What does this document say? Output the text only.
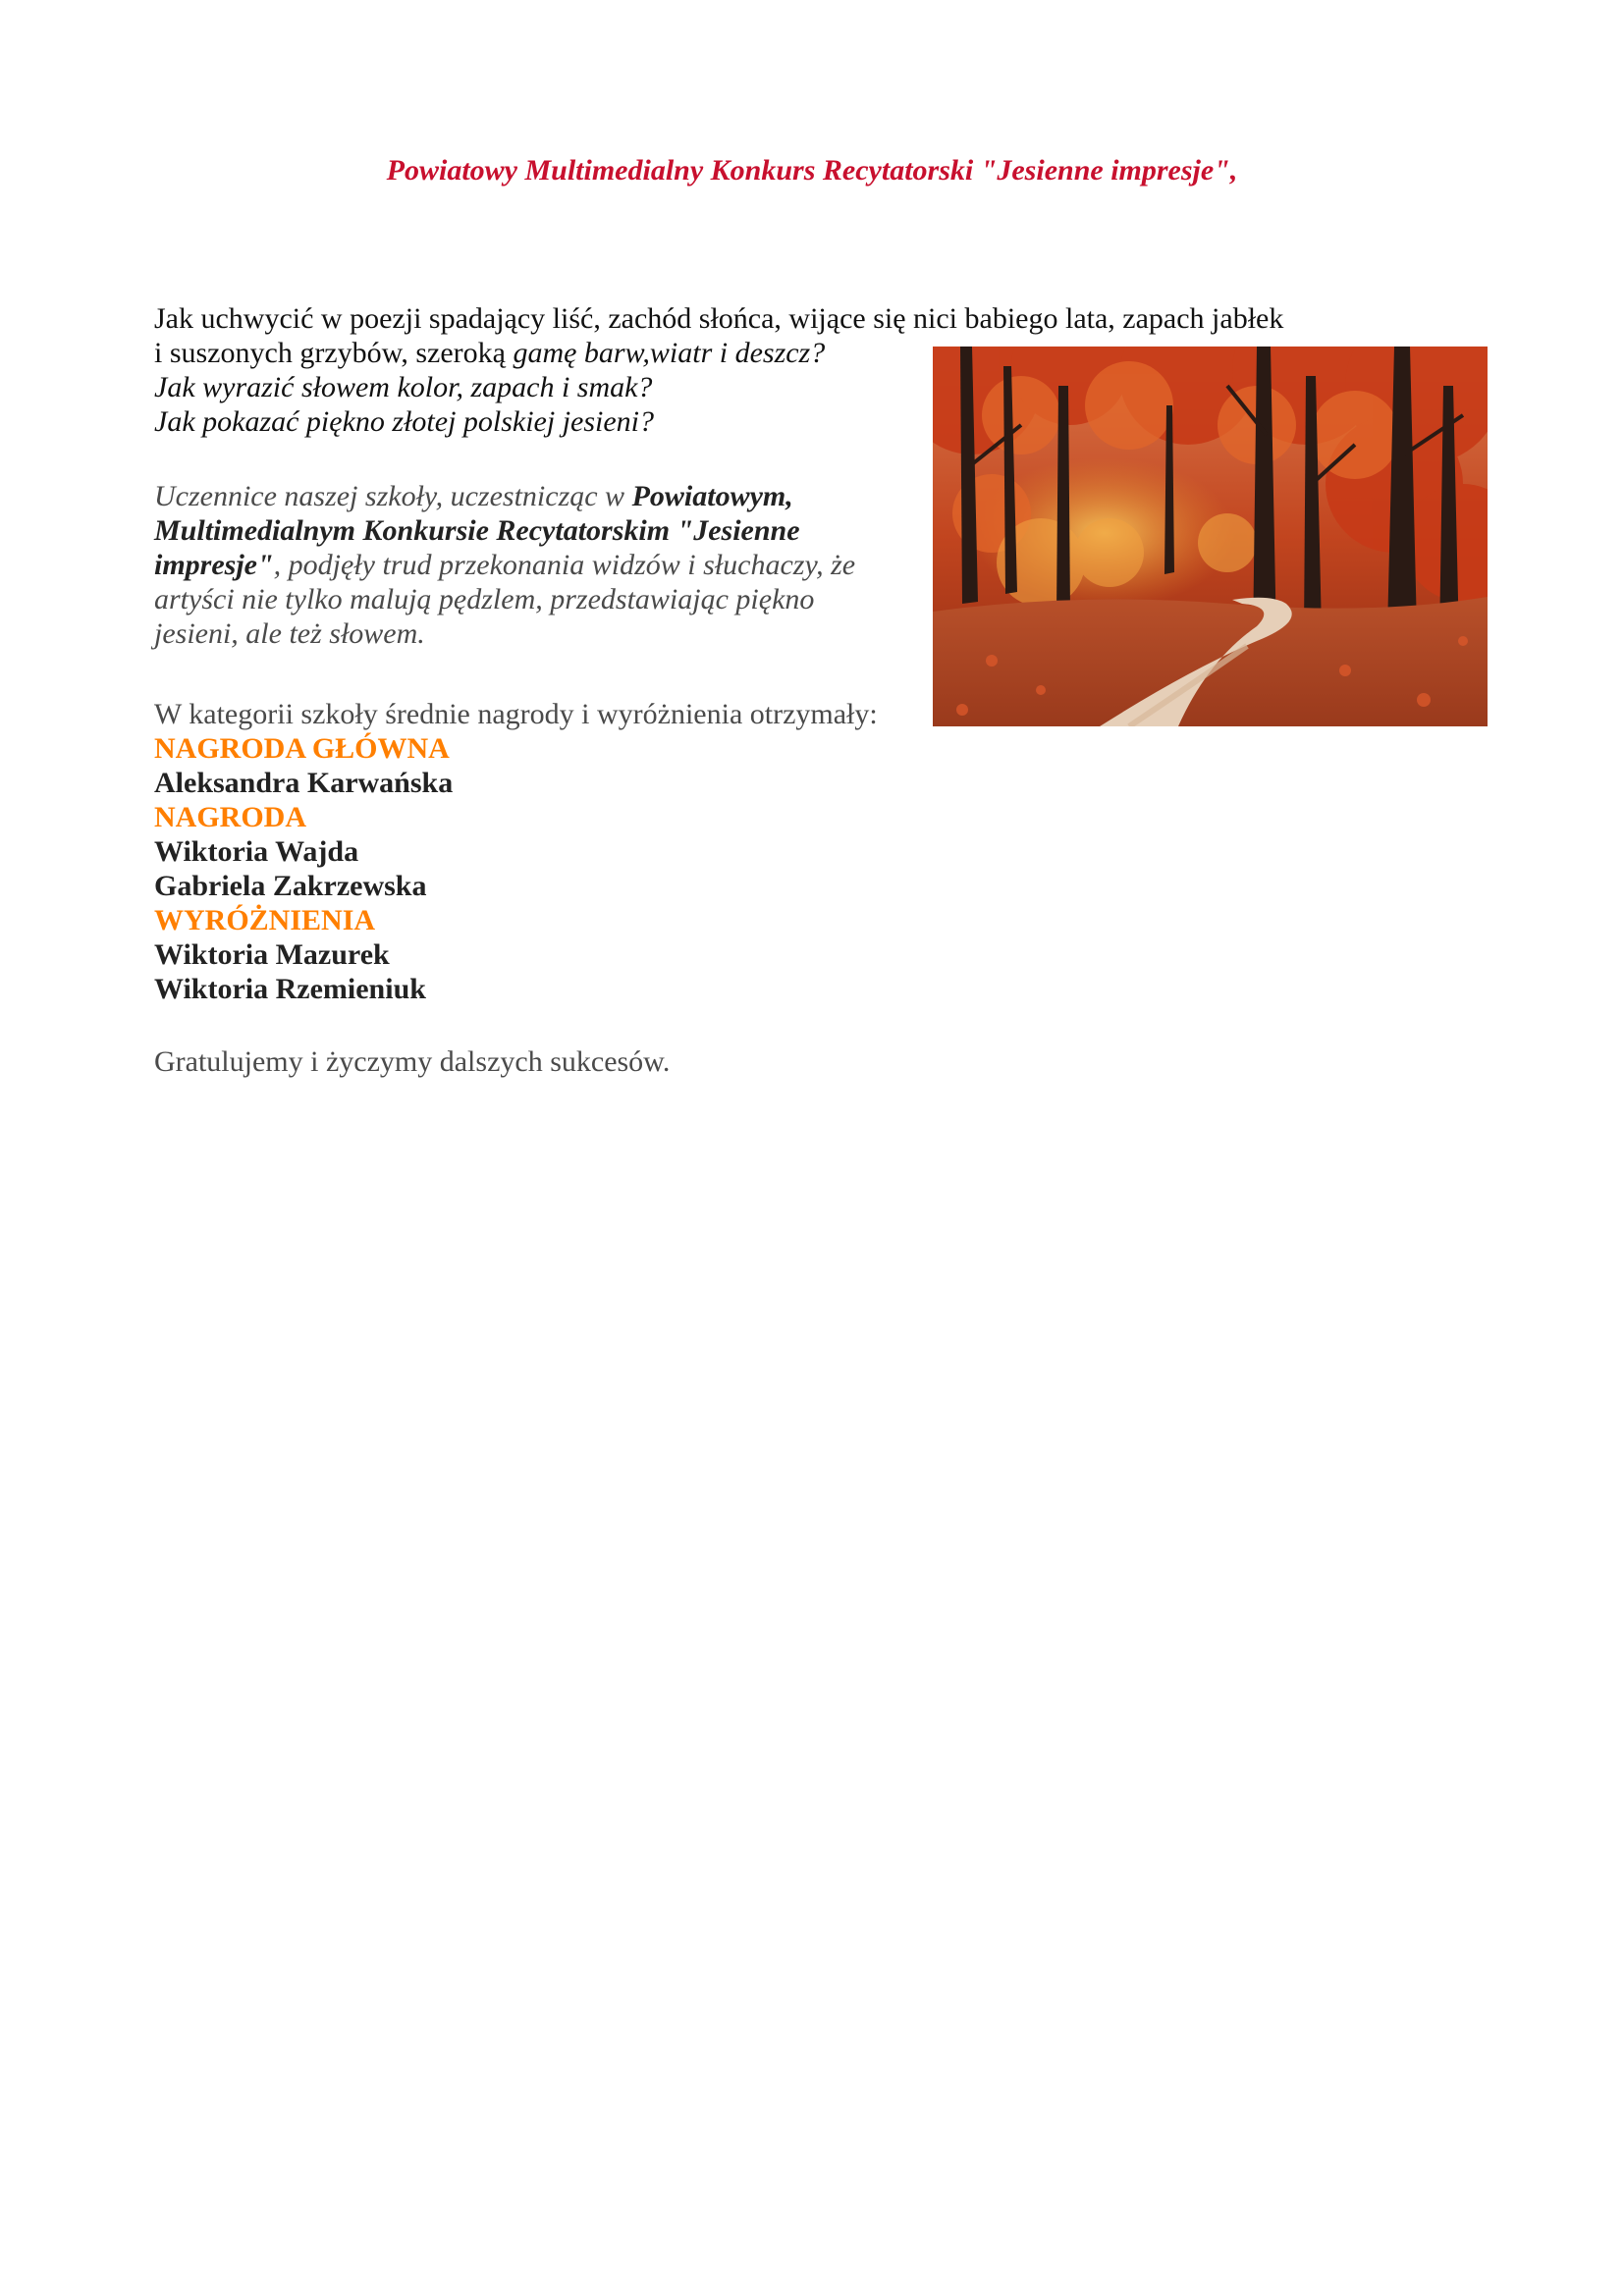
Powiatowy Multimedialny Konkurs Recytatorski "Jesienne impresje",
Jak uchwycić w poezji spadający liść, zachód słońca, wijące się nici babiego lata, zapach jabłek
i suszonych grzybów, szeroką gamę barw,wiatr i deszcz?
Jak wyrazić słowem kolor, zapach i smak?
Jak pokazać piękno złotej polskiej jesieni?
Uczennice naszej szkoły, uczestnicząc w Powiatowym,
Multimedialnym Konkursie Recytatorskim "Jesienne
impresje", podjęły trud przekonania widzów i słuchaczy, że
artyści nie tylko malują pędzlem, przedstawiając piękno
jesieni, ale też słowem.
W kategorii szkoły średnie nagrody i wyróżnienia otrzymały:
NAGRODA GŁÓWNA
Aleksandra Karwańska
NAGRODA
Wiktoria Wajda
Gabriela Zakrzewska
WYRÓŻNIENIA
Wiktoria Mazurek
Wiktoria Rzemieniuk
Gratulujemy i życzymy dalszych sukcesów.
